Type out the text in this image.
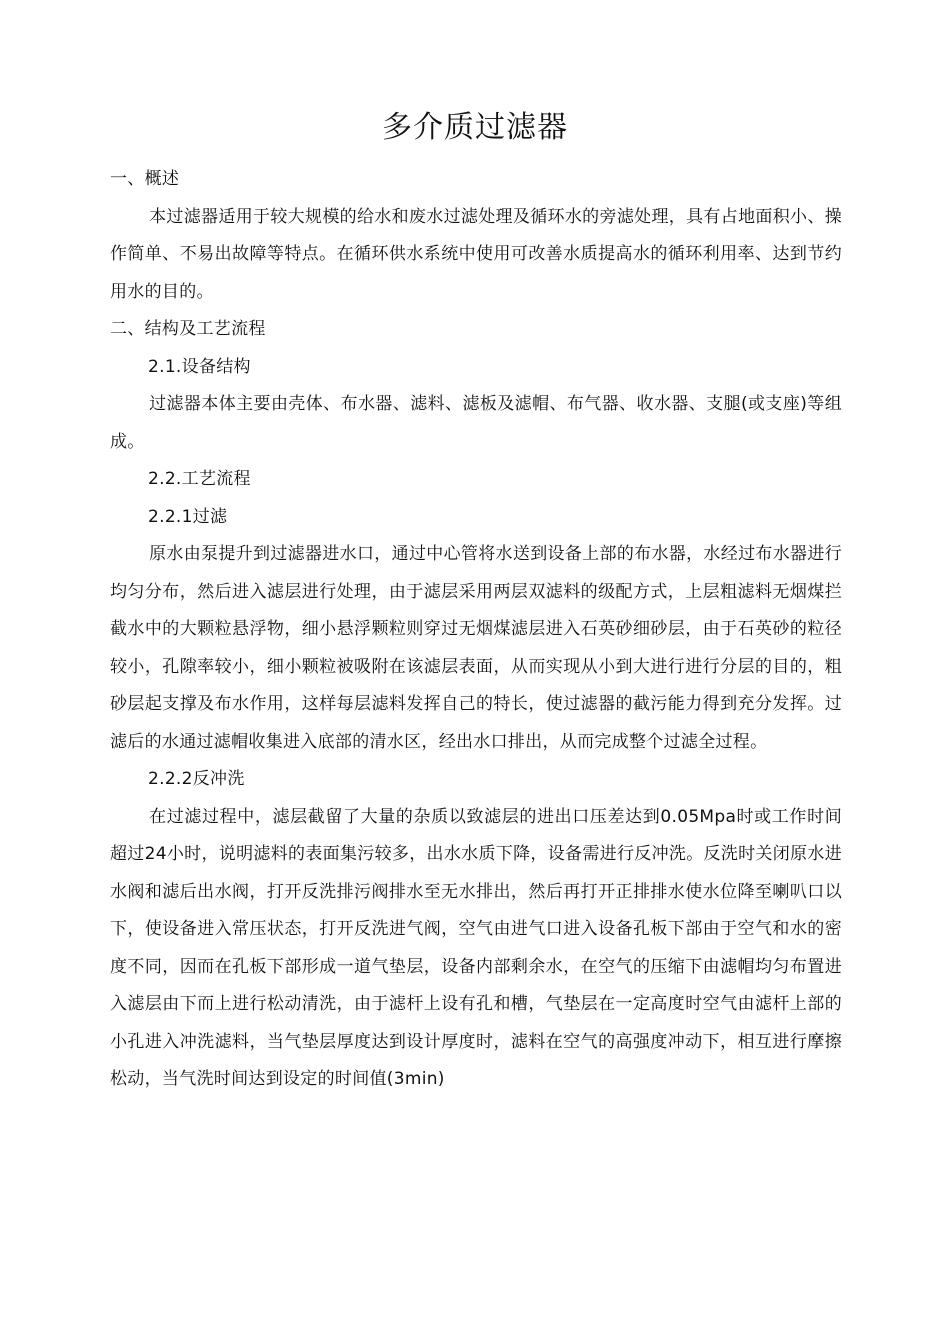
多介质过滤器

一、概述

本过滤器适用于较大规模的给水和废水过滤处理及循环水的旁滤处理，具有占地面积小、操作简单、不易出故障等特点。在循环供水系统中使用可改善水质提高水的循环利用率、达到节约用水的目的。

二、结构及工艺流程

2.1.设备结构

过滤器本体主要由壳体、布水器、滤料、滤板及滤帽、布气器、收水器、支腿(或支座)等组成。

2.2.工艺流程

2.2.1过滤

原水由泵提升到过滤器进水口，通过中心管将水送到设备上部的布水器，水经过布水器进行均匀分布，然后进入滤层进行处理，由于滤层采用两层双滤料的级配方式，上层粗滤料无烟煤拦截水中的大颗粒悬浮物，细小悬浮颗粒则穿过无烟煤滤层进入石英砂细砂层，由于石英砂的粒径较小，孔隙率较小，细小颗粒被吸附在该滤层表面，从而实现从小到大进行进行分层的目的，粗砂层起支撑及布水作用，这样每层滤料发挥自己的特长，使过滤器的截污能力得到充分发挥。过滤后的水通过滤帽收集进入底部的清水区，经出水口排出，从而完成整个过滤全过程。

2.2.2反冲洗

在过滤过程中，滤层截留了大量的杂质以致滤层的进出口压差达到0.05Mpa时或工作时间超过24小时，说明滤料的表面集污较多，出水水质下降，设备需进行反冲洗。反洗时关闭原水进水阀和滤后出水阀，打开反洗排污阀排水至无水排出，然后再打开正排排水使水位降至喇叭口以下，使设备进入常压状态，打开反洗进气阀，空气由进气口进入设备孔板下部由于空气和水的密度不同，因而在孔板下部形成一道气垫层，设备内部剩余水，在空气的压缩下由滤帽均匀布置进入滤层由下而上进行松动清洗，由于滤杆上设有孔和槽，气垫层在一定高度时空气由滤杆上部的小孔进入冲洗滤料，当气垫层厚度达到设计厚度时，滤料在空气的高强度冲动下，相互进行摩擦松动，当气洗时间达到设定的时间值(3min)
